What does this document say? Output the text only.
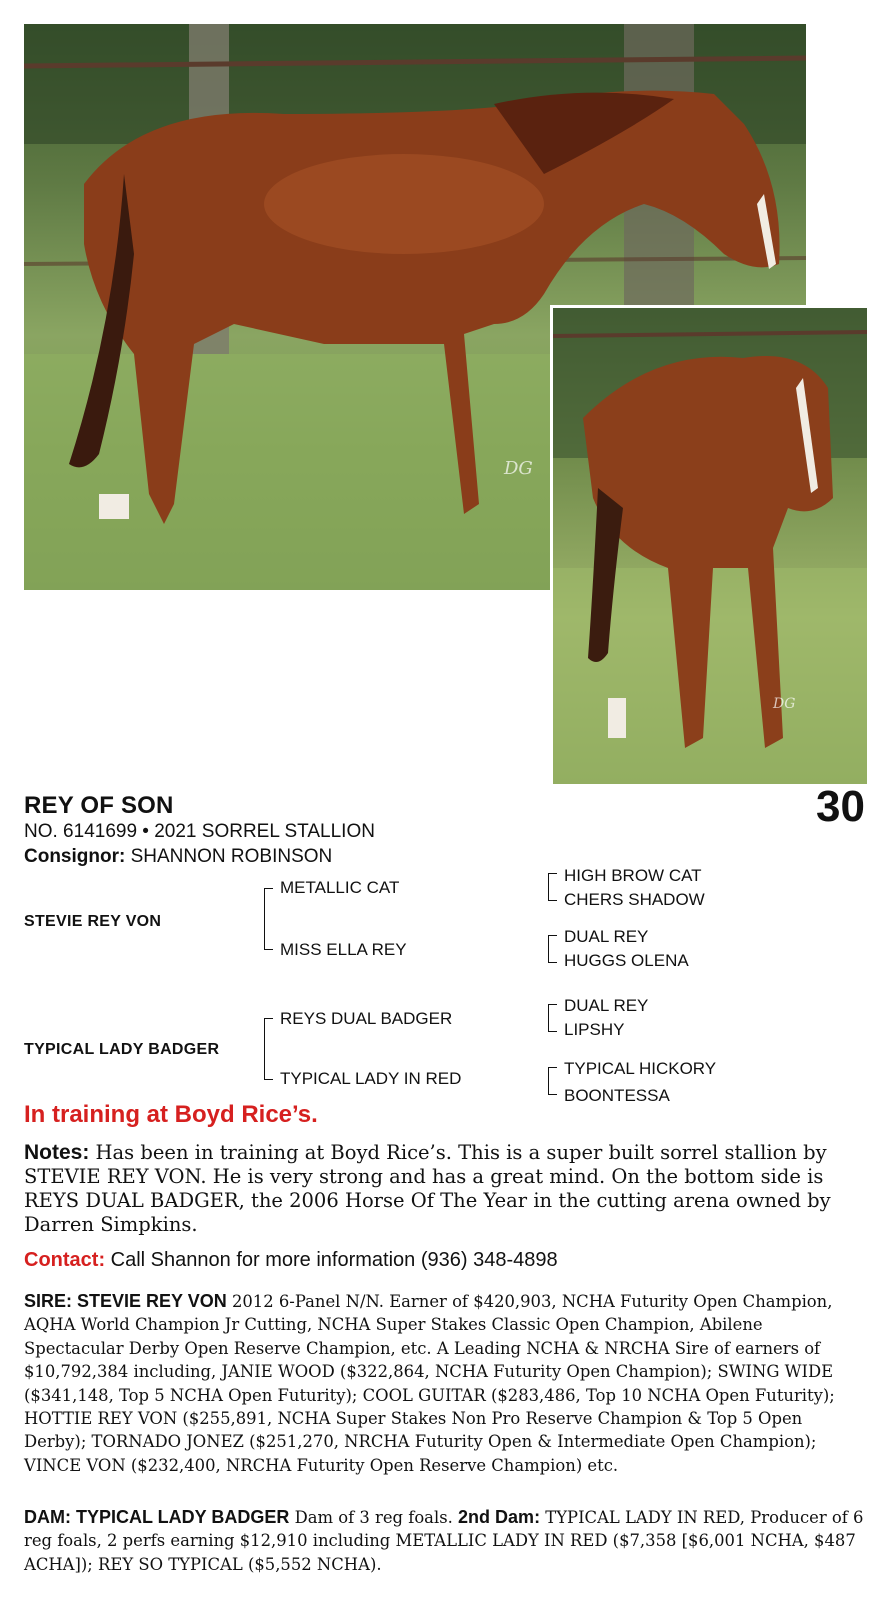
DG
DG
REY OF SON	30
NO. 6141699 • 2021 SORREL STALLION
Consignor: SHANNON ROBINSON
STEVIE REY VON
METALLIC CAT
MISS ELLA REY
HIGH BROW CAT
CHERS SHADOW
DUAL REY
HUGGS OLENA
TYPICAL LADY BADGER
REYS DUAL BADGER
TYPICAL LADY IN RED
DUAL REY
LIPSHY
TYPICAL HICKORY
BOONTESSA
In training at Boyd Rice’s.
Notes: Has been in training at Boyd Rice’s. This is a super built sorrel stallion by STEVIE REY VON. He is very strong and has a great mind. On the bottom side is REYS DUAL BADGER, the 2006 Horse Of The Year in the cutting arena owned by Darren Simpkins.
Contact: Call Shannon for more information (936) 348-4898
SIRE: STEVIE REY VON 2012 6-Panel N/N. Earner of $420,903, NCHA Futurity Open Champion, AQHA World Champion Jr Cutting, NCHA Super Stakes Classic Open Champion, Abilene Spectacular Derby Open Reserve Champion, etc. A Leading NCHA & NRCHA Sire of earners of $10,792,384 including, JANIE WOOD ($322,864, NCHA Futurity Open Champion); SWING WIDE ($341,148, Top 5 NCHA Open Futurity); COOL GUITAR ($283,486, Top 10 NCHA Open Futurity); HOTTIE REY VON ($255,891, NCHA Super Stakes Non Pro Reserve Champion & Top 5 Open Derby); TORNADO JONEZ ($251,270, NRCHA Futurity Open & Intermediate Open Champion); VINCE VON ($232,400, NRCHA Futurity Open Reserve Champion) etc.
DAM: TYPICAL LADY BADGER Dam of 3 reg foals. 2nd Dam: TYPICAL LADY IN RED, Producer of 6 reg foals, 2 perfs earning $12,910 including METALLIC LADY IN RED ($7,358 [$6,001 NCHA, $487 ACHA]); REY SO TYPICAL ($5,552 NCHA).
